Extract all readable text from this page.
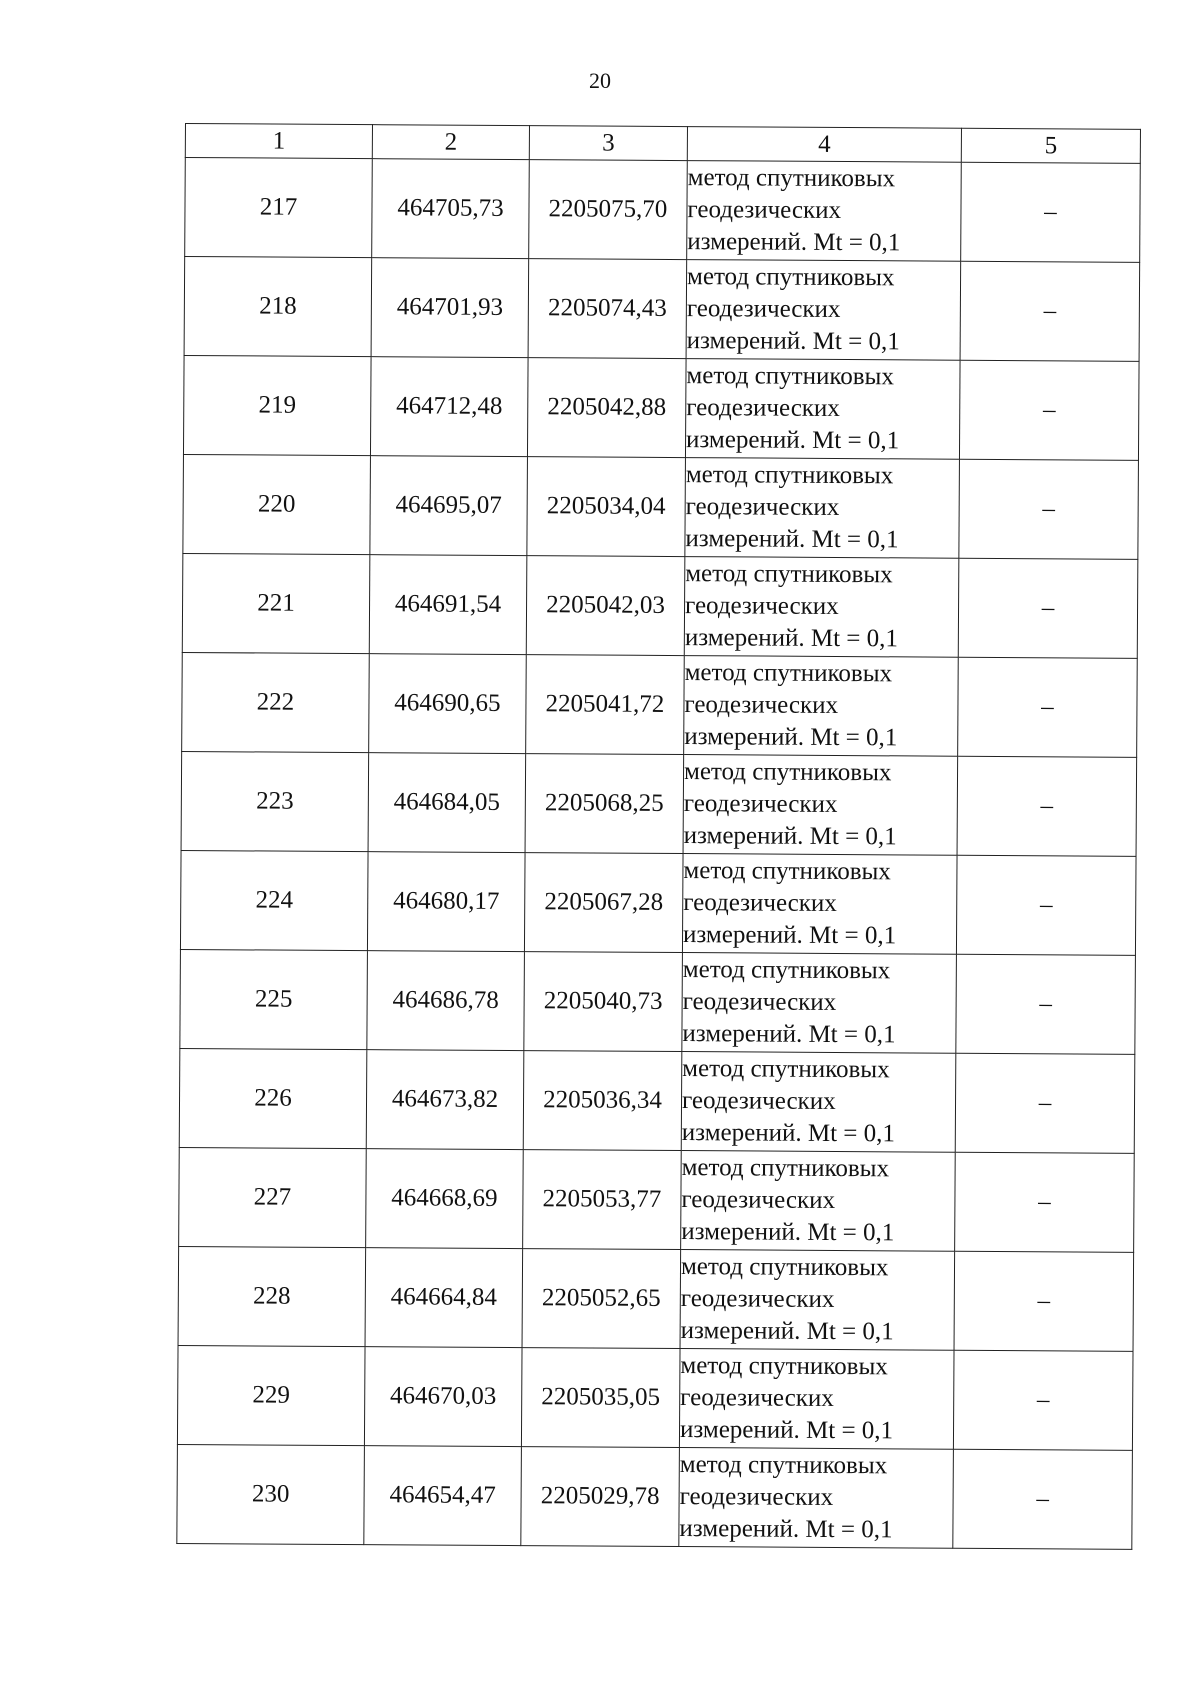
20
1	2	3	4	5
217	464705,73	2205075,70	метод спутниковых
геодезических
измерений. Mt = 0,1	–
218	464701,93	2205074,43	метод спутниковых
геодезических
измерений. Mt = 0,1	–
219	464712,48	2205042,88	метод спутниковых
геодезических
измерений. Mt = 0,1	–
220	464695,07	2205034,04	метод спутниковых
геодезических
измерений. Mt = 0,1	–
221	464691,54	2205042,03	метод спутниковых
геодезических
измерений. Mt = 0,1	–
222	464690,65	2205041,72	метод спутниковых
геодезических
измерений. Mt = 0,1	–
223	464684,05	2205068,25	метод спутниковых
геодезических
измерений. Mt = 0,1	–
224	464680,17	2205067,28	метод спутниковых
геодезических
измерений. Mt = 0,1	–
225	464686,78	2205040,73	метод спутниковых
геодезических
измерений. Mt = 0,1	–
226	464673,82	2205036,34	метод спутниковых
геодезических
измерений. Mt = 0,1	–
227	464668,69	2205053,77	метод спутниковых
геодезических
измерений. Mt = 0,1	–
228	464664,84	2205052,65	метод спутниковых
геодезических
измерений. Mt = 0,1	–
229	464670,03	2205035,05	метод спутниковых
геодезических
измерений. Mt = 0,1	–
230	464654,47	2205029,78	метод спутниковых
геодезических
измерений. Mt = 0,1	–
